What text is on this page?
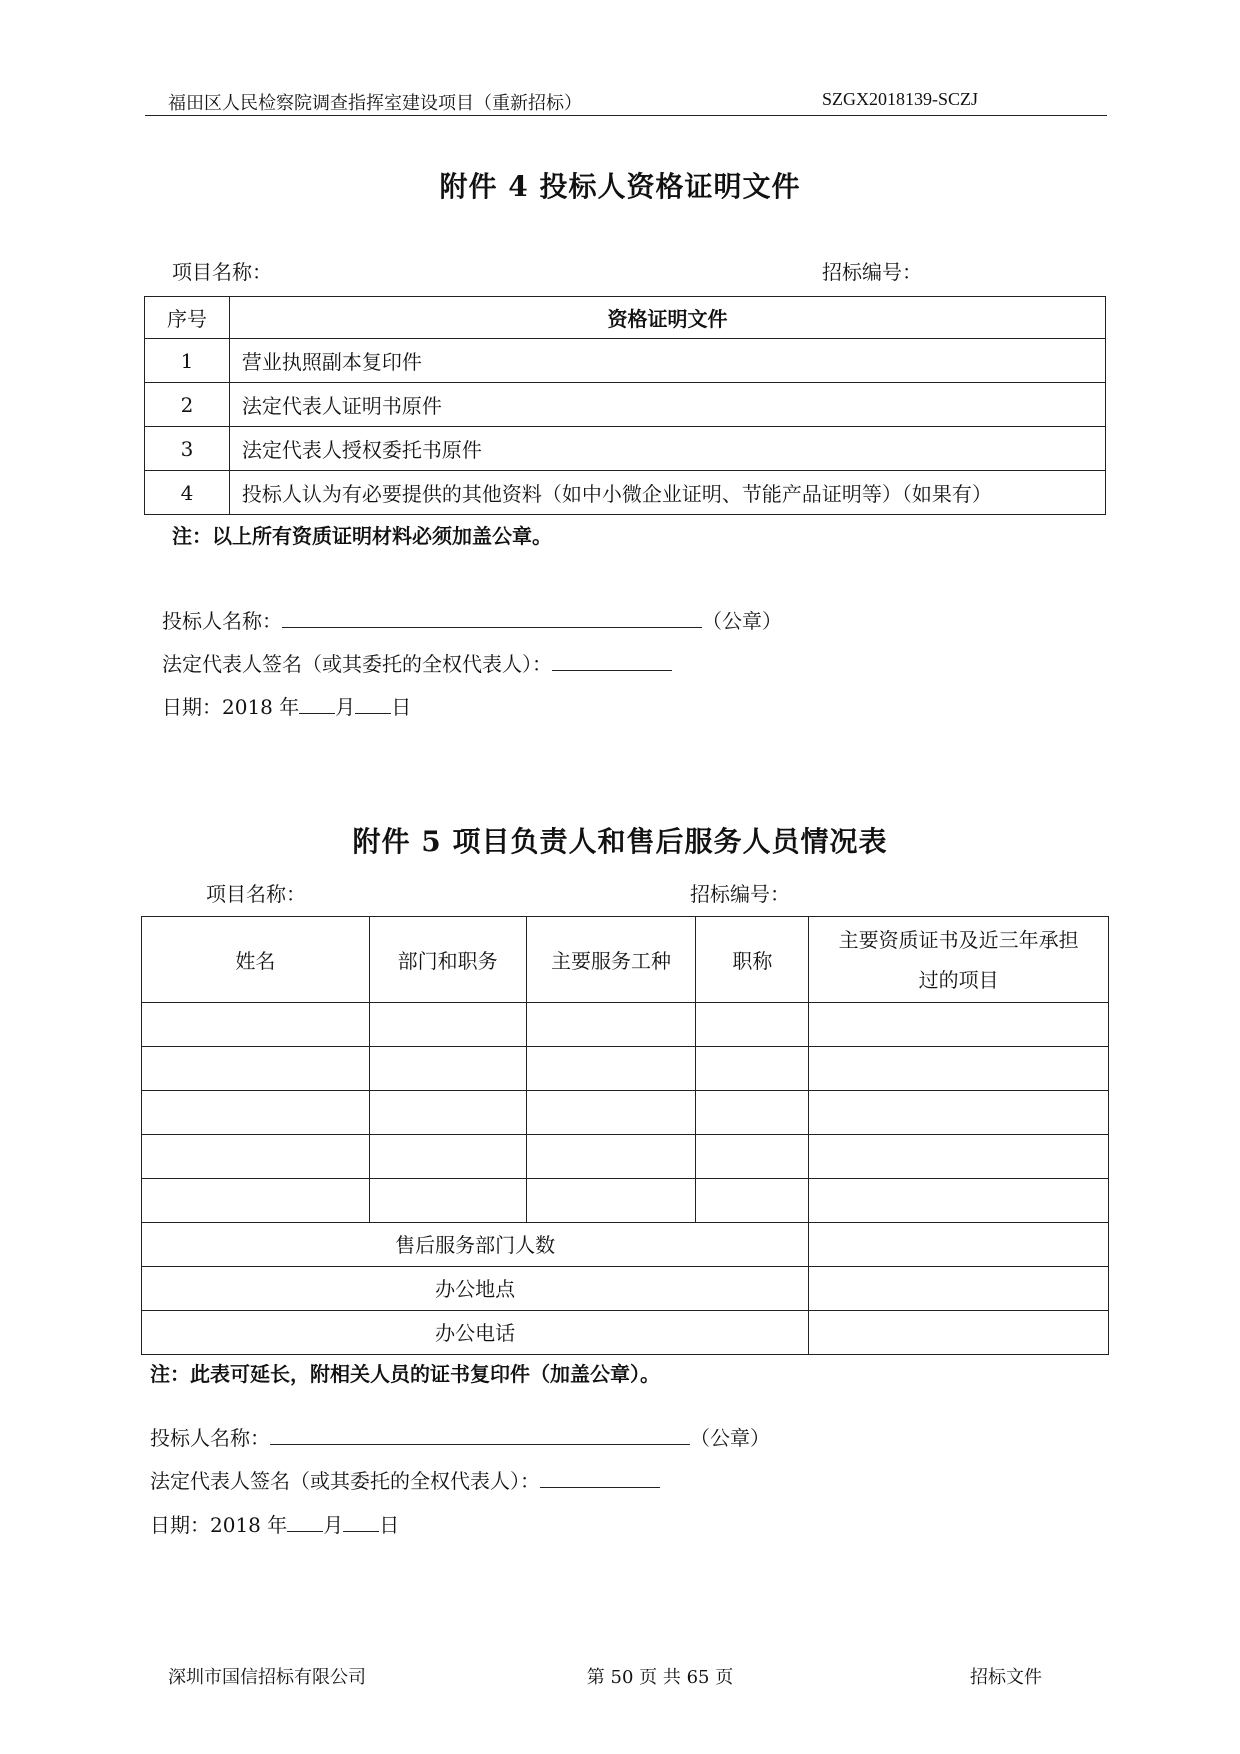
福田区人民检察院调查指挥室建设项目（重新招标）	SZGX2018139-SCZJ
附件 4 投标人资格证明文件
项目名称：	招标编号：
序号	资格证明文件
1	营业执照副本复印件
2	法定代表人证明书原件
3	法定代表人授权委托书原件
4	投标人认为有必要提供的其他资料（如中小微企业证明、节能产品证明等）（如果有）
注：以上所有资质证明材料必须加盖公章。
投标人名称：	（公章）
法定代表人签名（或其委托的全权代表人）：
日期：2018 年 月 日
附件 5 项目负责人和售后服务人员情况表
项目名称：	招标编号：
姓名	部门和职务	主要服务工种	职称	主要资质证书及近三年承担
过的项目

售后服务部门人数				
办公地点				
办公电话				
注：此表可延长，附相关人员的证书复印件（加盖公章）。
投标人名称：	（公章）
法定代表人签名（或其委托的全权代表人）：
日期：2018 年 月 日
深圳市国信招标有限公司	第 50 页 共 65 页	招标文件
